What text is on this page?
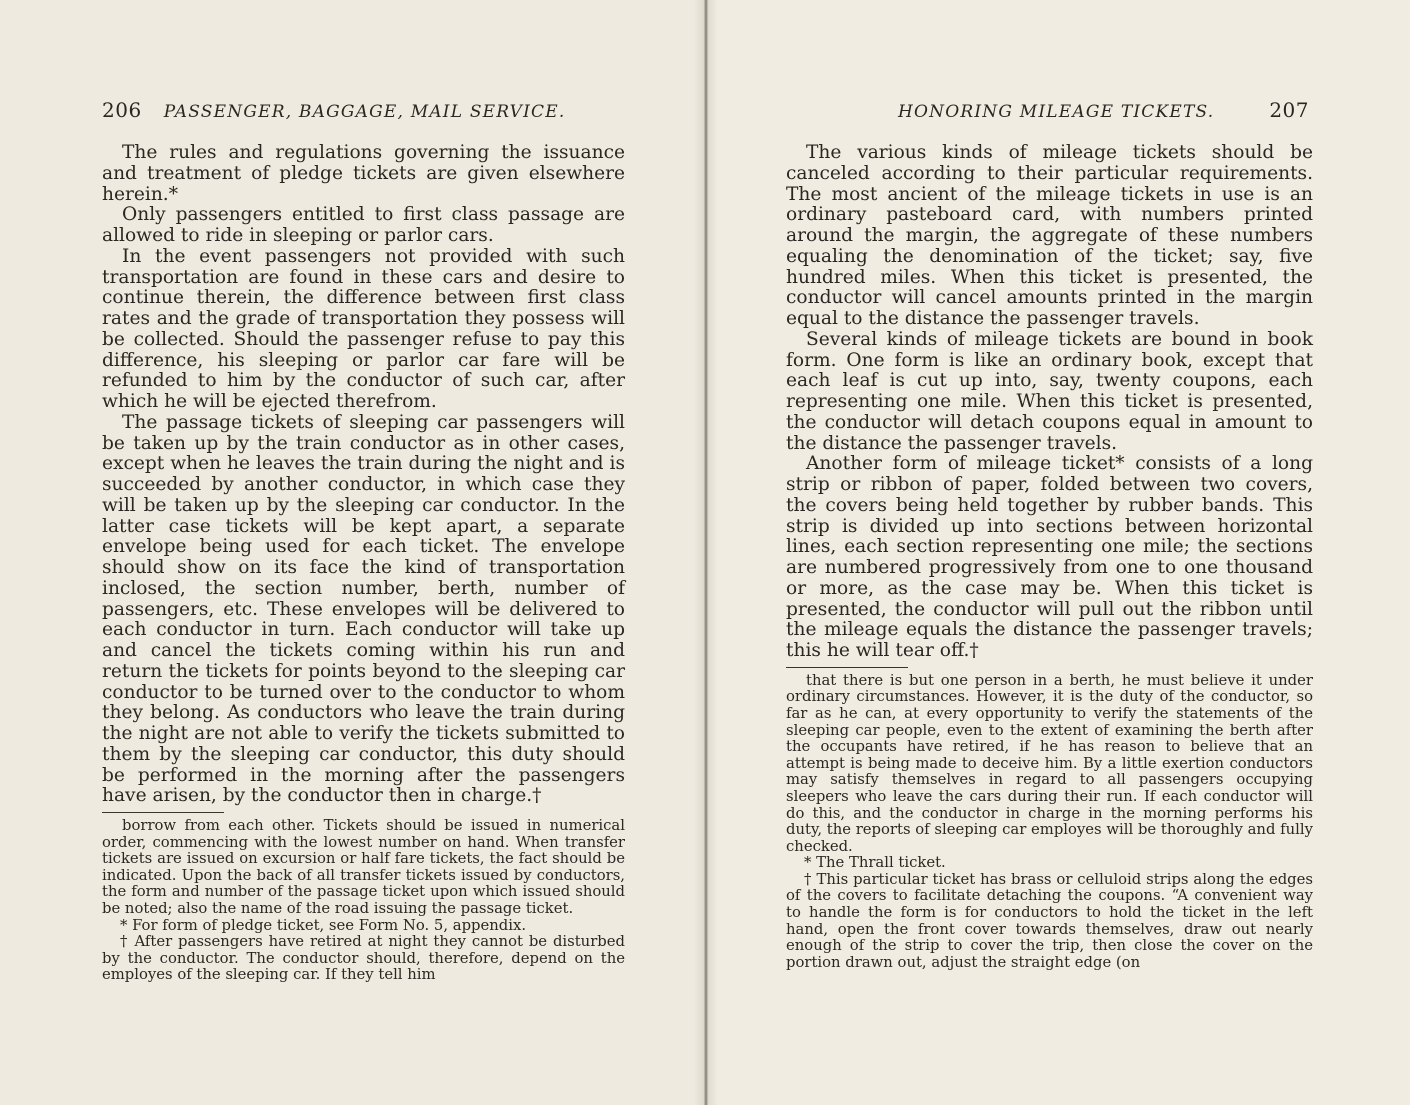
206 PASSENGER, BAGGAGE, MAIL SERVICE.

The rules and regulations governing the issuance and treatment of pledge tickets are given elsewhere herein.*

Only passengers entitled to first class passage are allowed to ride in sleeping or parlor cars.

In the event passengers not provided with such transportation are found in these cars and desire to continue therein, the difference between first class rates and the grade of transportation they possess will be collected. Should the passenger refuse to pay this difference, his sleeping or parlor car fare will be refunded to him by the conductor of such car, after which he will be ejected therefrom.

The passage tickets of sleeping car passengers will be taken up by the train conductor as in other cases, except when he leaves the train during the night and is succeeded by another conductor, in which case they will be taken up by the sleeping car conductor. In the latter case tickets will be kept apart, a separate envelope being used for each ticket. The envelope should show on its face the kind of transportation inclosed, the section number, berth, number of passengers, etc. These envelopes will be delivered to each conductor in turn. Each conductor will take up and cancel the tickets coming within his run and return the tickets for points beyond to the sleeping car conductor to be turned over to the conductor to whom they belong. As conductors who leave the train during the night are not able to verify the tickets submitted to them by the sleeping car conductor, this duty should be performed in the morning after the passengers have arisen, by the conductor then in charge.†

borrow from each other. Tickets should be issued in numerical order, commencing with the lowest number on hand. When transfer tickets are issued on excursion or half fare tickets, the fact should be indicated. Upon the back of all transfer tickets issued by conductors, the form and number of the passage ticket upon which issued should be noted; also the name of the road issuing the passage ticket.

* For form of pledge ticket, see Form No. 5, appendix.

† After passengers have retired at night they cannot be disturbed by the conductor. The conductor should, therefore, depend on the employes of the sleeping car. If they tell him

HONORING MILEAGE TICKETS.	207

The various kinds of mileage tickets should be canceled according to their particular requirements. The most ancient of the mileage tickets in use is an ordinary pasteboard card, with numbers printed around the margin, the aggregate of these numbers equaling the denomination of the ticket; say, five hundred miles. When this ticket is presented, the conductor will cancel amounts printed in the margin equal to the distance the passenger travels.

Several kinds of mileage tickets are bound in book form. One form is like an ordinary book, except that each leaf is cut up into, say, twenty coupons, each representing one mile. When this ticket is presented, the conductor will detach coupons equal in amount to the distance the passenger travels.

Another form of mileage ticket* consists of a long strip or ribbon of paper, folded between two covers, the covers being held together by rubber bands. This strip is divided up into sections between horizontal lines, each section representing one mile; the sections are numbered progressively from one to one thousand or more, as the case may be. When this ticket is presented, the conductor will pull out the ribbon until the mileage equals the distance the passenger travels; this he will tear off.†

that there is but one person in a berth, he must believe it under ordinary circumstances. However, it is the duty of the conductor, so far as he can, at every opportunity to verify the statements of the sleeping car people, even to the extent of examining the berth after the occupants have retired, if he has reason to believe that an attempt is being made to deceive him. By a little exertion conductors may satisfy themselves in regard to all passengers occupying sleepers who leave the cars during their run. If each conductor will do this, and the conductor in charge in the morning performs his duty, the reports of sleeping car employes will be thoroughly and fully checked.

* The Thrall ticket.

† This particular ticket has brass or celluloid strips along the edges of the covers to facilitate detaching the coupons. “A convenient way to handle the form is for conductors to hold the ticket in the left hand, open the front cover towards themselves, draw out nearly enough of the strip to cover the trip, then close the cover on the portion drawn out, adjust the straight edge (on
